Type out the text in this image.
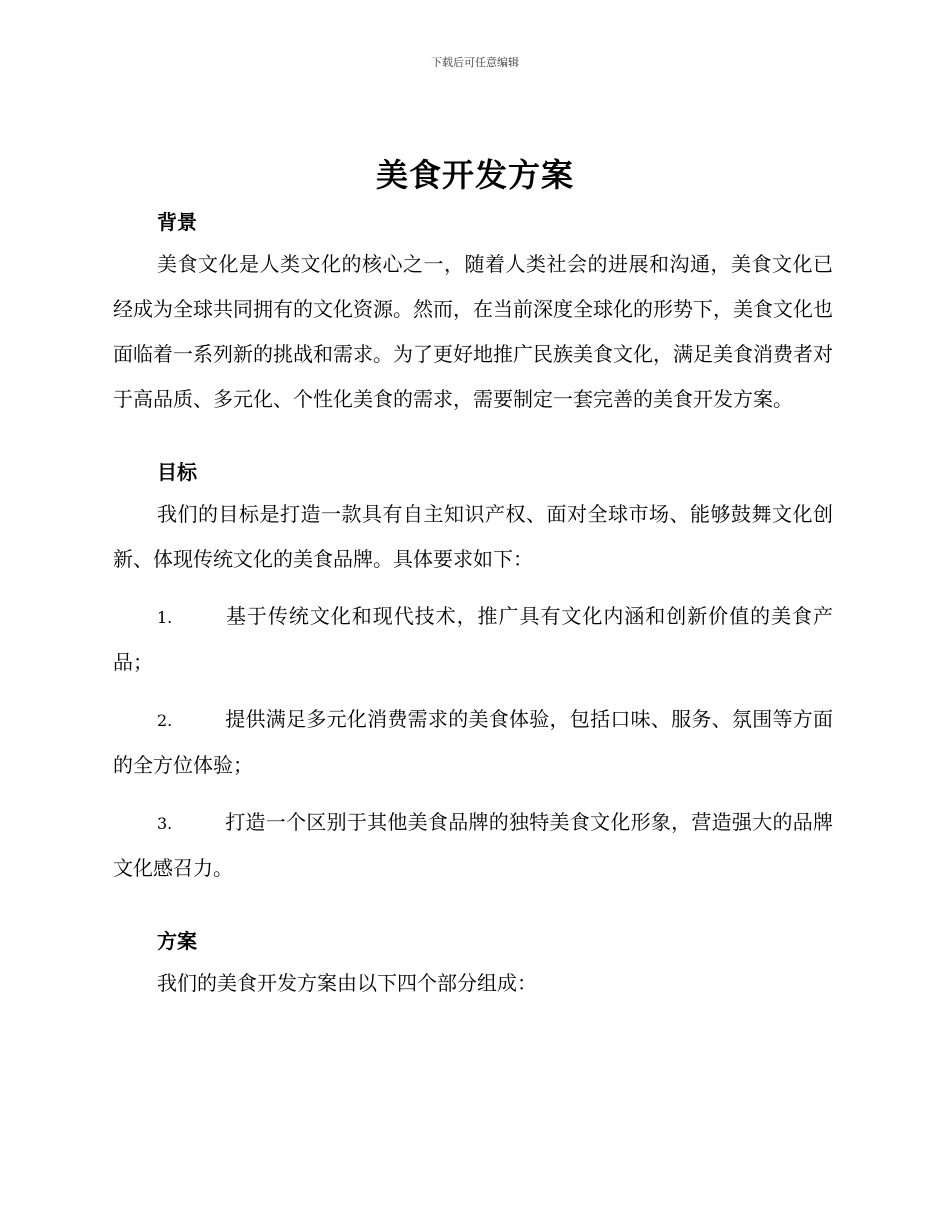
下载后可任意编辑
美食开发方案
背景

美食文化是人类文化的核心之一，随着人类社会的进展和沟通，美食文化已经成为全球共同拥有的文化资源。然而，在当前深度全球化的形势下，美食文化也面临着一系列新的挑战和需求。为了更好地推广民族美食文化，满足美食消费者对于高品质、多元化、个性化美食的需求，需要制定一套完善的美食开发方案。

目标

我们的目标是打造一款具有自主知识产权、面对全球市场、能够鼓舞文化创新、体现传统文化的美食品牌。具体要求如下：

1.	基于传统文化和现代技术，推广具有文化内涵和创新价值的美食产品；

2.	提供满足多元化消费需求的美食体验，包括口味、服务、氛围等方面的全方位体验；

3.	打造一个区别于其他美食品牌的独特美食文化形象，营造强大的品牌文化感召力。

方案

我们的美食开发方案由以下四个部分组成：
